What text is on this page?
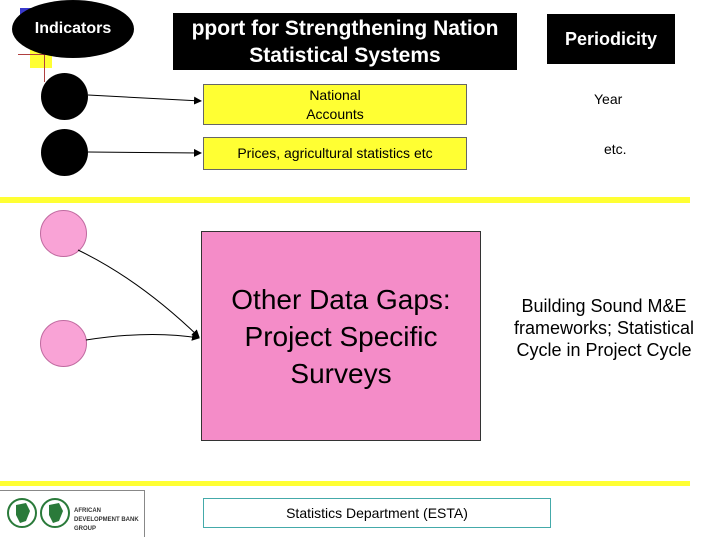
Indicators	pport for Strengthening Nation
Statistical Systems
Periodicity
National
Accounts
Prices, agricultural statistics etc
Year
etc.
Other Data Gaps: Project Specific Surveys
Building Sound M&E frameworks; Statistical Cycle in Project Cycle
Statistics Department (ESTA)
AFRICAN DEVELOPMENT BANK GROUP
